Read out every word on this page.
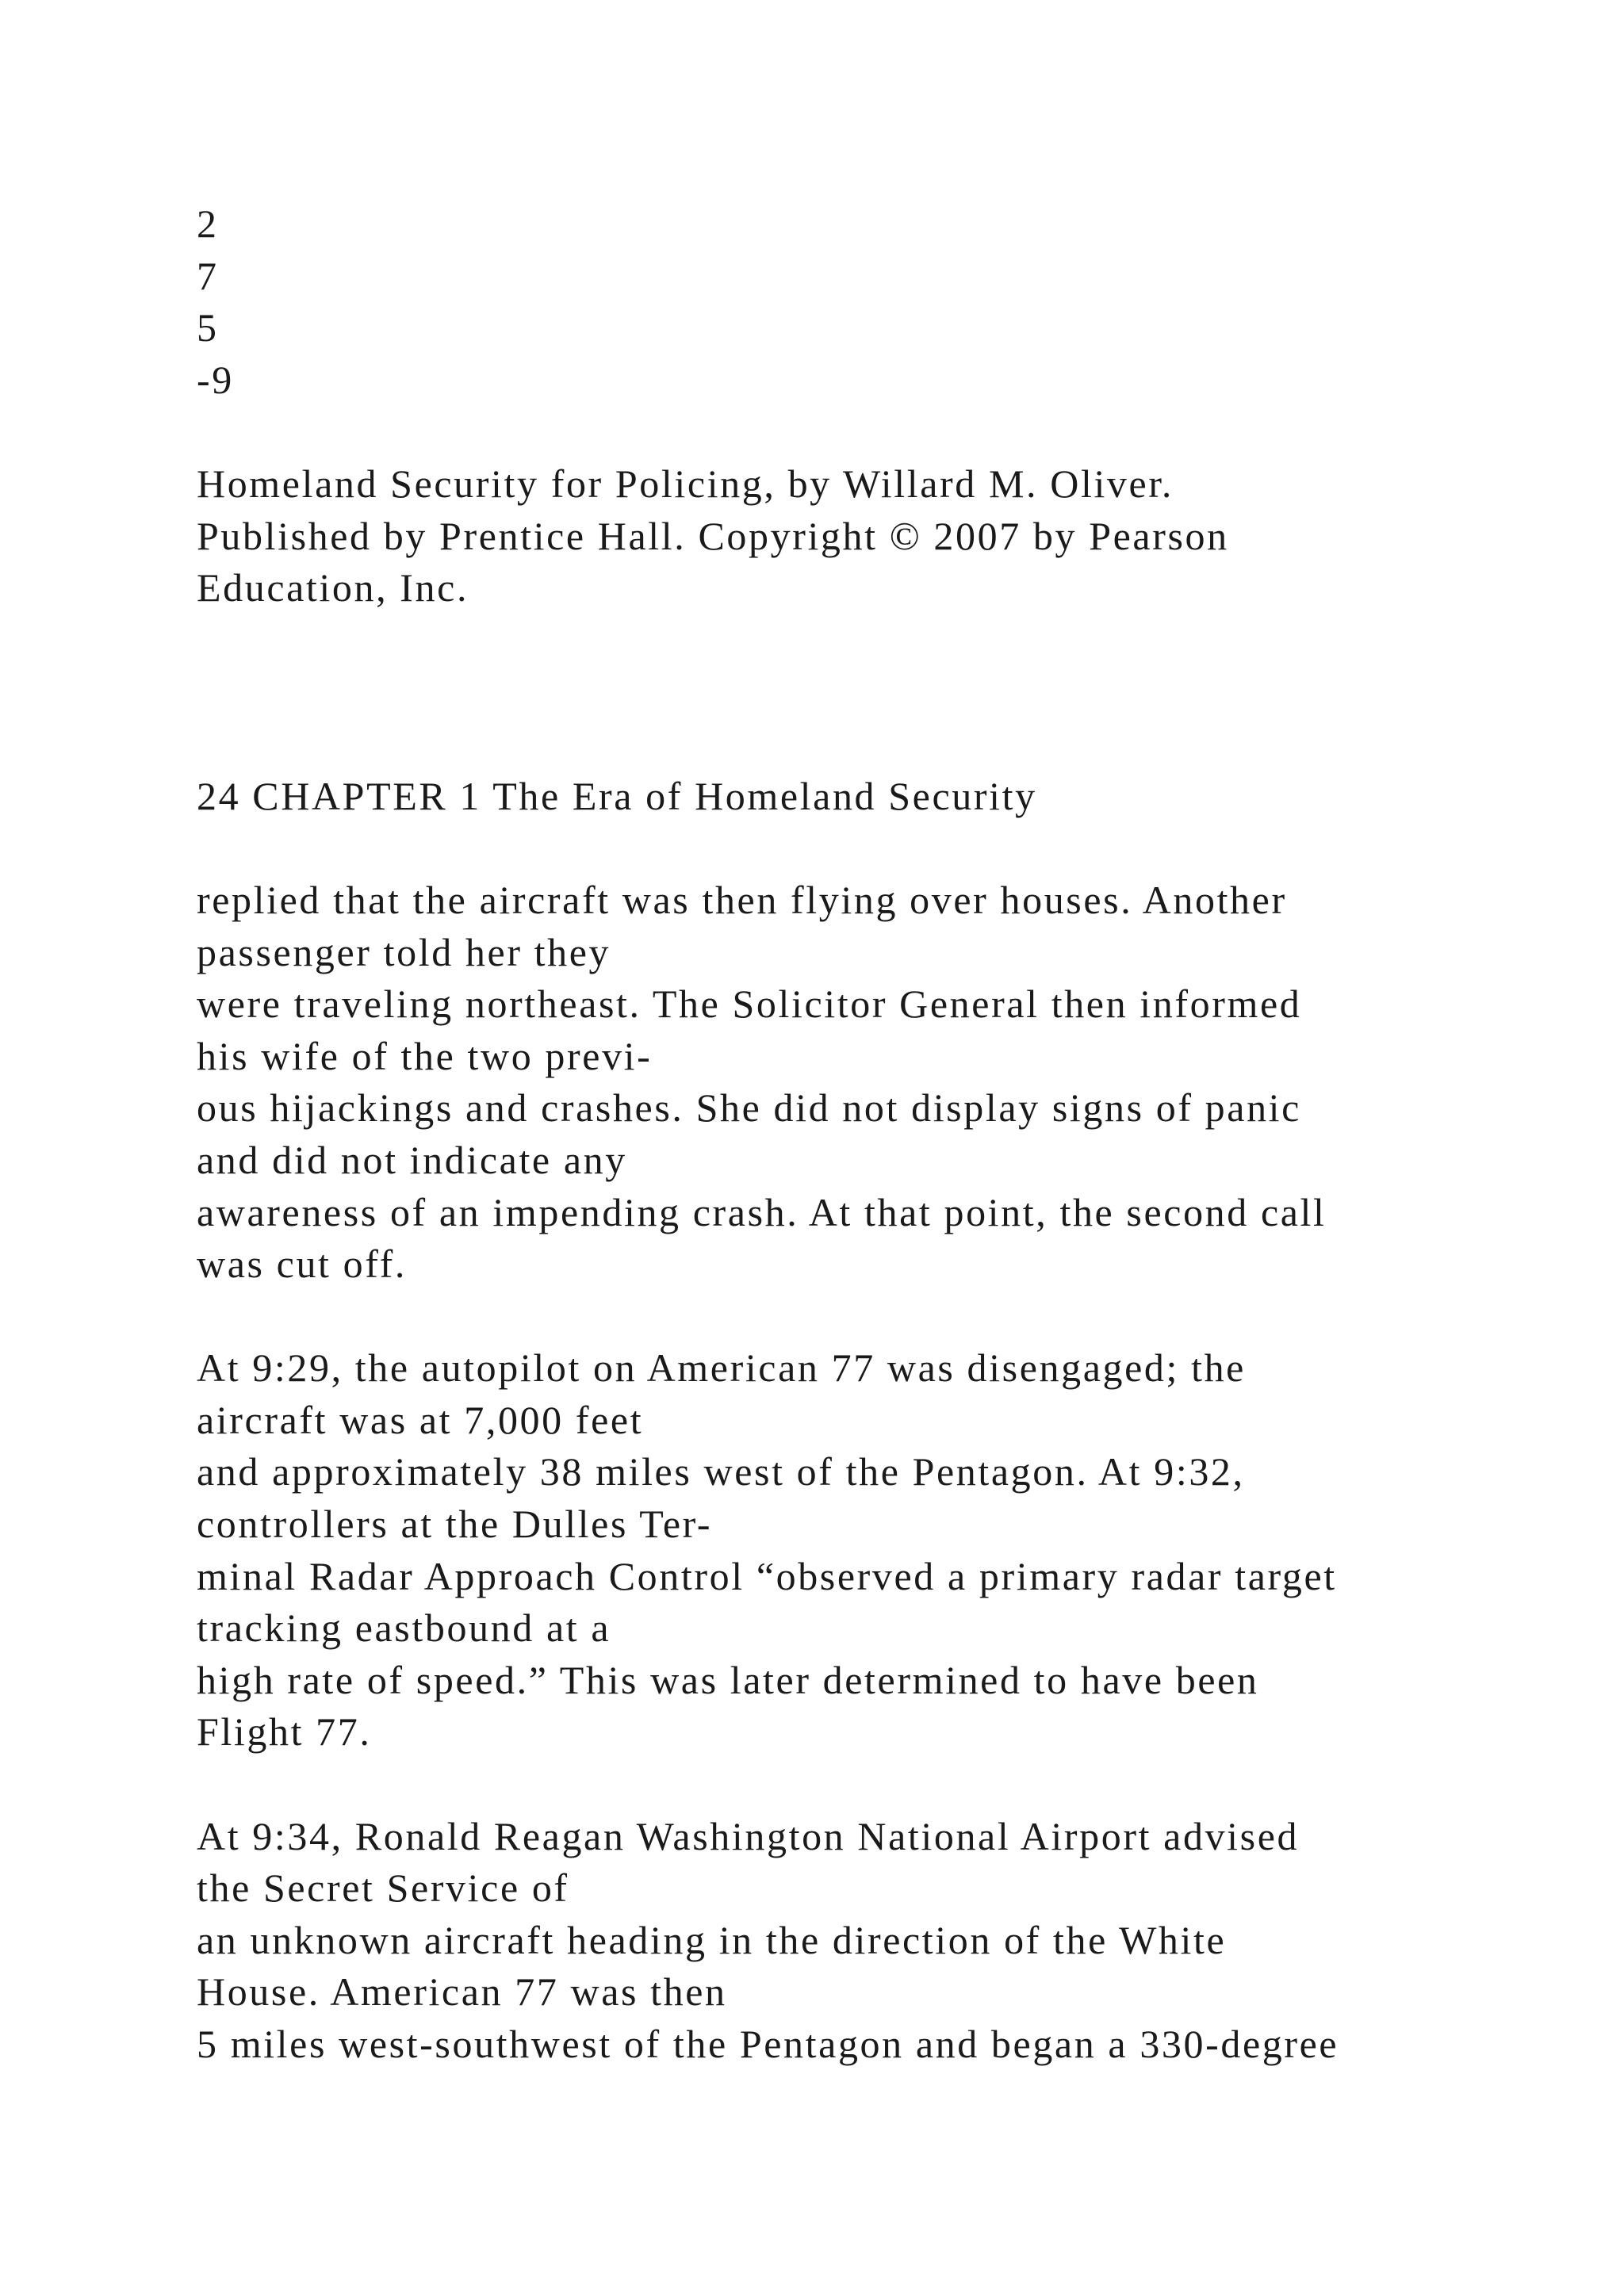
2
7
5
-9
Homeland Security for Policing, by Willard M. Oliver.
Published by Prentice Hall. Copyright © 2007 by Pearson
Education, Inc.
24 CHAPTER 1 The Era of Homeland Security
replied that the aircraft was then flying over houses. Another
passenger told her they
were traveling northeast. The Solicitor General then informed
his wife of the two previ-
ous hijackings and crashes. She did not display signs of panic
and did not indicate any
awareness of an impending crash. At that point, the second call
was cut off.
At 9:29, the autopilot on American 77 was disengaged; the
aircraft was at 7,000 feet
and approximately 38 miles west of the Pentagon. At 9:32,
controllers at the Dulles Ter-
minal Radar Approach Control “observed a primary radar target
tracking eastbound at a
high rate of speed.” This was later determined to have been
Flight 77.
At 9:34, Ronald Reagan Washington National Airport advised
the Secret Service of
an unknown aircraft heading in the direction of the White
House. American 77 was then
5 miles west-southwest of the Pentagon and began a 330-degree
